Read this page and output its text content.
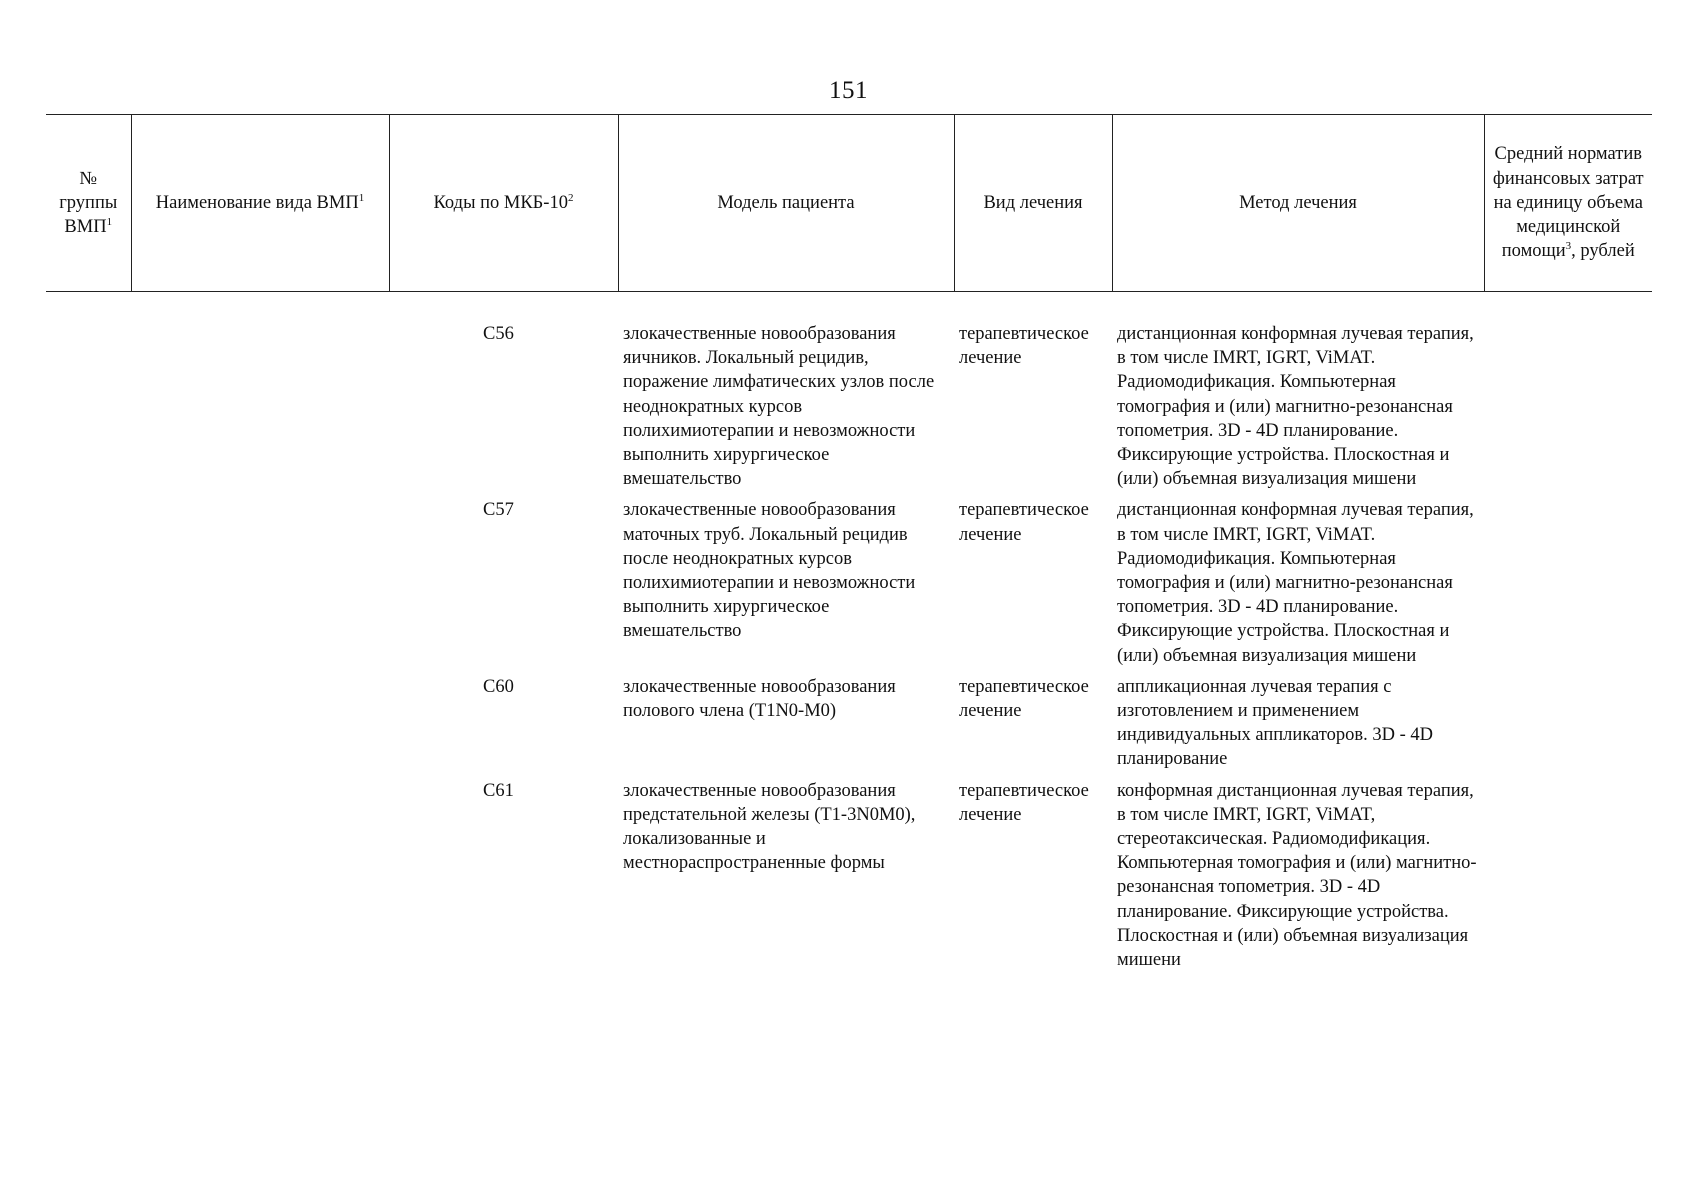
151
№ группы ВМП$^1$	Наименование вида ВМП$^1$	Коды по МКБ-$10^2$	Модель пациента	Вид лечения	Метод лечения	Средний норматив финансовых затрат на единицу объема медицинской помощи$^3$, рублей

		C56	злокачественные новообразования яичников. Локальный рецидив, поражение лимфатических узлов после неоднократных курсов полихимиотерапии и невозможности выполнить хирургическое вмешательство	терапевтическое лечение	дистанционная конформная лучевая терапия, в том числе IMRT, IGRT, ViMAT. Радиомодификация. Компьютерная томография и (или) магнитно-резонансная топометрия. 3D - 4D планирование. Фиксирующие устройства. Плоскостная и (или) объемная визуализация мишени	
		C57	злокачественные новообразования маточных труб. Локальный рецидив после неоднократных курсов полихимиотерапии и невозможности выполнить хирургическое вмешательство	терапевтическое лечение	дистанционная конформная лучевая терапия, в том числе IMRT, IGRT, ViMAT. Радиомодификация. Компьютерная томография и (или) магнитно-резонансная топометрия. 3D - 4D планирование. Фиксирующие устройства. Плоскостная и (или) объемная визуализация мишени	
		C60	злокачественные новообразования полового члена (T1N0-M0)	терапевтическое лечение	аппликационная лучевая терапия с изготовлением и применением индивидуальных аппликаторов. 3D - 4D планирование	
		C61	злокачественные новообразования предстательной железы (T1-3N0M0), локализованные и местнораспространенные формы	терапевтическое лечение	конформная дистанционная лучевая терапия, в том числе IMRT, IGRT, ViMAT, стереотаксическая. Радиомодификация. Компьютерная томография и (или) магнитно-резонансная топометрия. 3D - 4D планирование. Фиксирующие устройства. Плоскостная и (или) объемная визуализация мишени	
